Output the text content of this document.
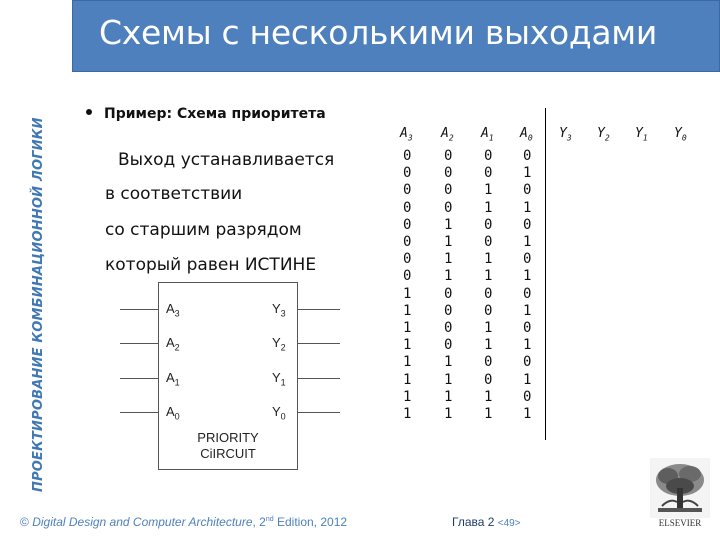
ПРОЕКТИРОВАНИЕ КОМБИНАЦИОННОЙ ЛОГИКИ
Схемы с несколькими выходами
Пример: Схема приоритета
Выход устанавливается
в соответствии
со старшим разрядом
который равен ИСТИНЕ
$A_3$ $A_2$ $A_1$ $A_0$ $Y_3$ $Y_2$ $Y_1$ $Y_0$
0 0 0 0
0 0 0 1
0 0 1 0
0 0 1 1
0 1 0 0
0 1 0 1
0 1 1 0
0 1 1 1
1 0 0 0
1 0 0 1
1 0 1 0
1 0 1 1
1 1 0 0
1 1 0 1
1 1 1 0
1 1 1 1
$A_3$
$A_2$
$A_1$
$A_0$
$Y_3$
$Y_2$
$Y_1$
$Y_0$
PRIORITY
CiIRCUIT
© Digital Design and Computer Architecture, 2nd Edition, 2012	Глава 2 <49>	ELSEVIER
